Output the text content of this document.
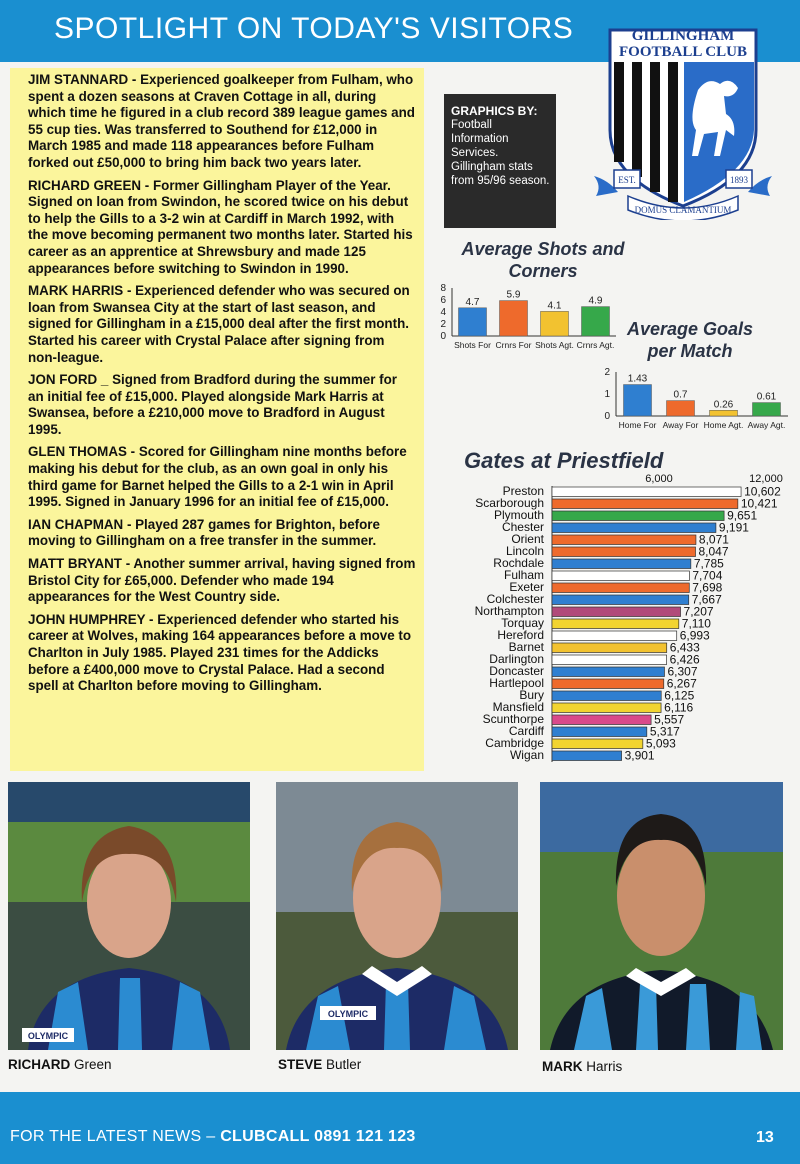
SPOTLIGHT ON TODAY'S VISITORS	GILLINGHAM
FOOTBALL CLUB
EST.	1893
DOMUS CLAMANTIUM

JIM STANNARD - Experienced goalkeeper from Fulham, who spent a dozen seasons at Craven Cottage in all, during which time he figured in a club record 389 league games and 55 cup ties. Was transferred to Southend for £12,000 in March 1985 and made 118 appearances before Fulham forked out £50,000 to bring him back two years later.

RICHARD GREEN - Former Gillingham Player of the Year. Signed on loan from Swindon, he scored twice on his debut to help the Gills to a 3-2 win at Cardiff in March 1992, with the move becoming permanent two months later. Started his career as an apprentice at Shrewsbury and made 125 appearances before switching to Swindon in 1990.

MARK HARRIS - Experienced defender who was secured on loan from Swansea City at the start of last season, and signed for Gillingham in a £15,000 deal after the first month. Started his career with Crystal Palace after signing from non-league.

JON FORD _ Signed from Bradford during the summer for an initial fee of £15,000. Played alongside Mark Harris at Swansea, before a £210,000 move to Bradford in August 1995.

GLEN THOMAS - Scored for Gillingham nine months before making his debut for the club, as an own goal in only his third game for Barnet helped the Gills to a 2-1 win in April 1995. Signed in January 1996 for an initial fee of £15,000.

IAN CHAPMAN - Played 287 games for Brighton, before moving to Gillingham on a free transfer in the summer.

MATT BRYANT - Another summer arrival, having signed from Bristol City for £65,000. Defender who made 194 appearances for the West Country side.

JOHN HUMPHREY - Experienced defender who started his career at Wolves, making 164 appearances before a move to Charlton in July 1985. Played 231 times for the Addicks before a £400,000 move to Crystal Palace. Had a second spell at Charlton before moving to Gillingham.

GRAPHICS BY:
Football Information Services. Gillingham stats from 95/96 season.
Average Shots and Corners
0
2
4
6
8
4.7
Shots For
5.9
Crnrs For
4.1
Shots Agt.
4.9
Crnrs Agt.
Average Goals per Match
0
1
2
1.43
Home For
0.7
Away For
0.26
Home Agt.
0.61
Away Agt.
Gates at Priestfield
6,000	12,000
Preston	10,602
Scarborough	10,421
Plymouth	9,651
Chester	9,191
Orient	8,071
Lincoln	8,047
Rochdale	7,785
Fulham	7,704
Exeter	7,698
Colchester	7,667
Northampton	7,207
Torquay	7,110
Hereford	6,993
Barnet	6,433
Darlington	6,426
Doncaster	6,307
Hartlepool	6,267
Bury	6,125
Mansfield	6,116
Scunthorpe	5,557
Cardiff	5,317
Cambridge	5,093
Wigan	3,901
OLYMPIC
OLYMPIC
RICHARD Green	STEVE Butler	MARK Harris
FOR THE LATEST NEWS – CLUBCALL 0891 121 123	13
